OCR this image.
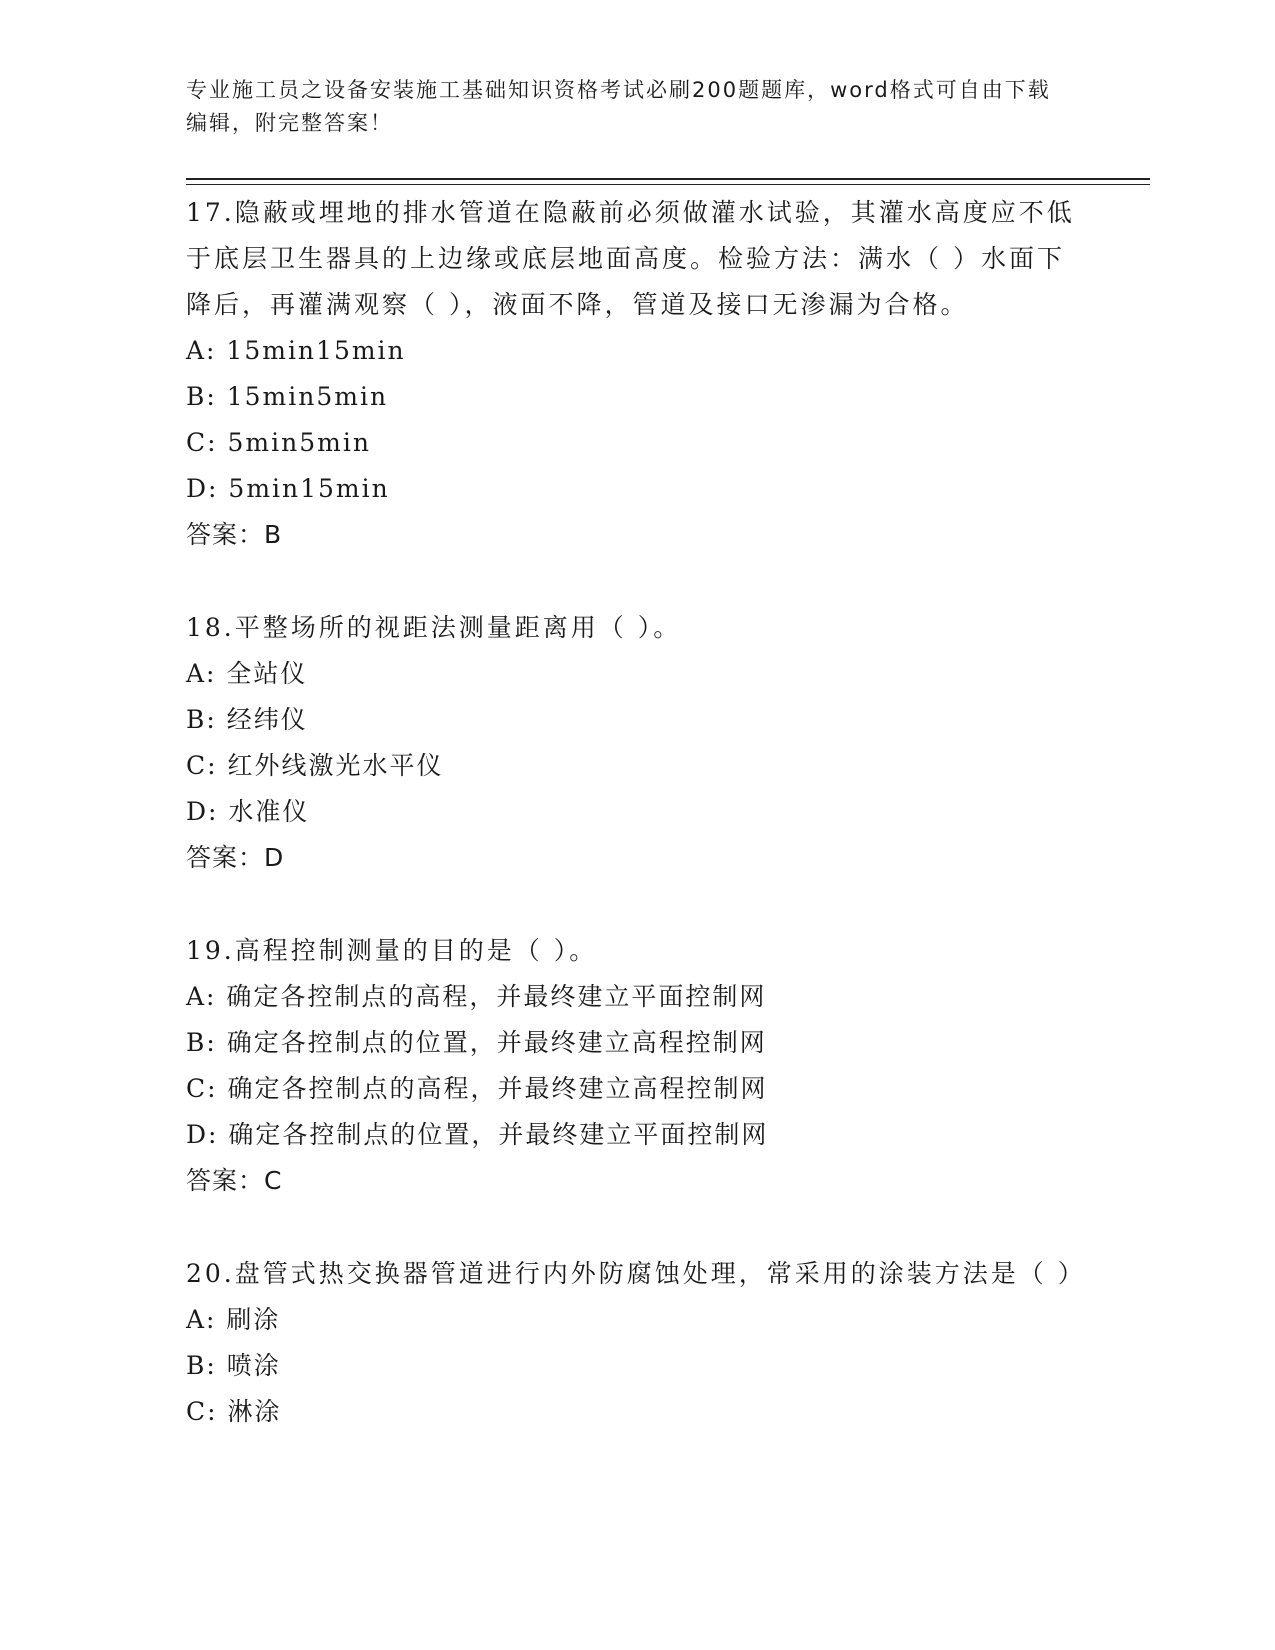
专业施工员之设备安装施工基础知识资格考试必刷200题题库，word格式可自由下载编辑，附完整答案！
17.隐蔽或埋地的排水管道在隐蔽前必须做灌水试验，其灌水高度应不低于底层卫生器具的上边缘或底层地面高度。检验方法：满水（ ）水面下降后，再灌满观察（ ），液面不降，管道及接口无渗漏为合格。
A: 15min15min
B: 15min5min
C: 5min5min
D: 5min15min
答案：B
18.平整场所的视距法测量距离用（ ）。
A: 全站仪
B: 经纬仪
C: 红外线激光水平仪
D: 水准仪
答案：D
19.高程控制测量的目的是（ ）。
A: 确定各控制点的高程，并最终建立平面控制网
B: 确定各控制点的位置，并最终建立高程控制网
C: 确定各控制点的高程，并最终建立高程控制网
D: 确定各控制点的位置，并最终建立平面控制网
答案：C
20.盘管式热交换器管道进行内外防腐蚀处理，常采用的涂装方法是（ ）
A: 刷涂
B: 喷涂
C: 淋涂
